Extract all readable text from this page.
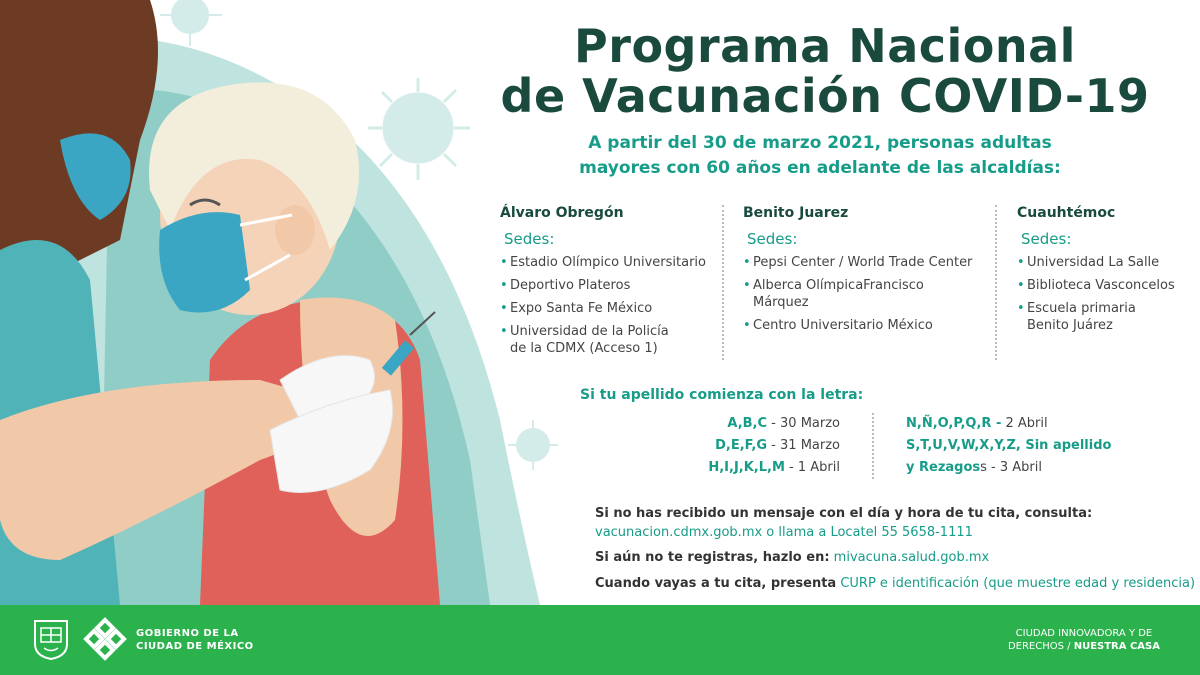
Programa Nacional
de Vacunación COVID-19
A partir del 30 de marzo 2021, personas adultas
mayores con 60 años en adelante de las alcaldías:
Álvaro Obregón
Sedes:
• Estadio Olímpico Universitario
• Deportivo Plateros
• Expo Santa Fe México
• Universidad de la Policía
de la CDMX (Acceso 1)
Benito Juarez
Sedes:
• Pepsi Center / World Trade Center
• Alberca OlímpicaFrancisco Márquez
• Centro Universitario México
Cuauhtémoc
Sedes:
• Universidad La Salle
• Biblioteca Vasconcelos
• Escuela primaria
Benito Juárez
Si tu apellido comienza con la letra:
A,B,C - 30 Marzo
D,E,F,G - 31 Marzo
H,I,J,K,L,M - 1 Abril
N,Ñ,O,P,Q,R - 2 Abril
S,T,U,V,W,X,Y,Z, Sin apellido
y Rezagoss - 3 Abril
Si no has recibido un mensaje con el día y hora de tu cita, consulta:
vacunacion.cdmx.gob.mx o llama a Locatel 55 5658-1111
Si aún no te registras, hazlo en: mivacuna.salud.gob.mx
Cuando vayas a tu cita, presenta CURP e identificación (que muestre edad y residencia)
GOBIERNO DE LA
CIUDAD DE MÉXICO
CIUDAD INNOVADORA Y DE
DERECHOS / NUESTRA CASA
